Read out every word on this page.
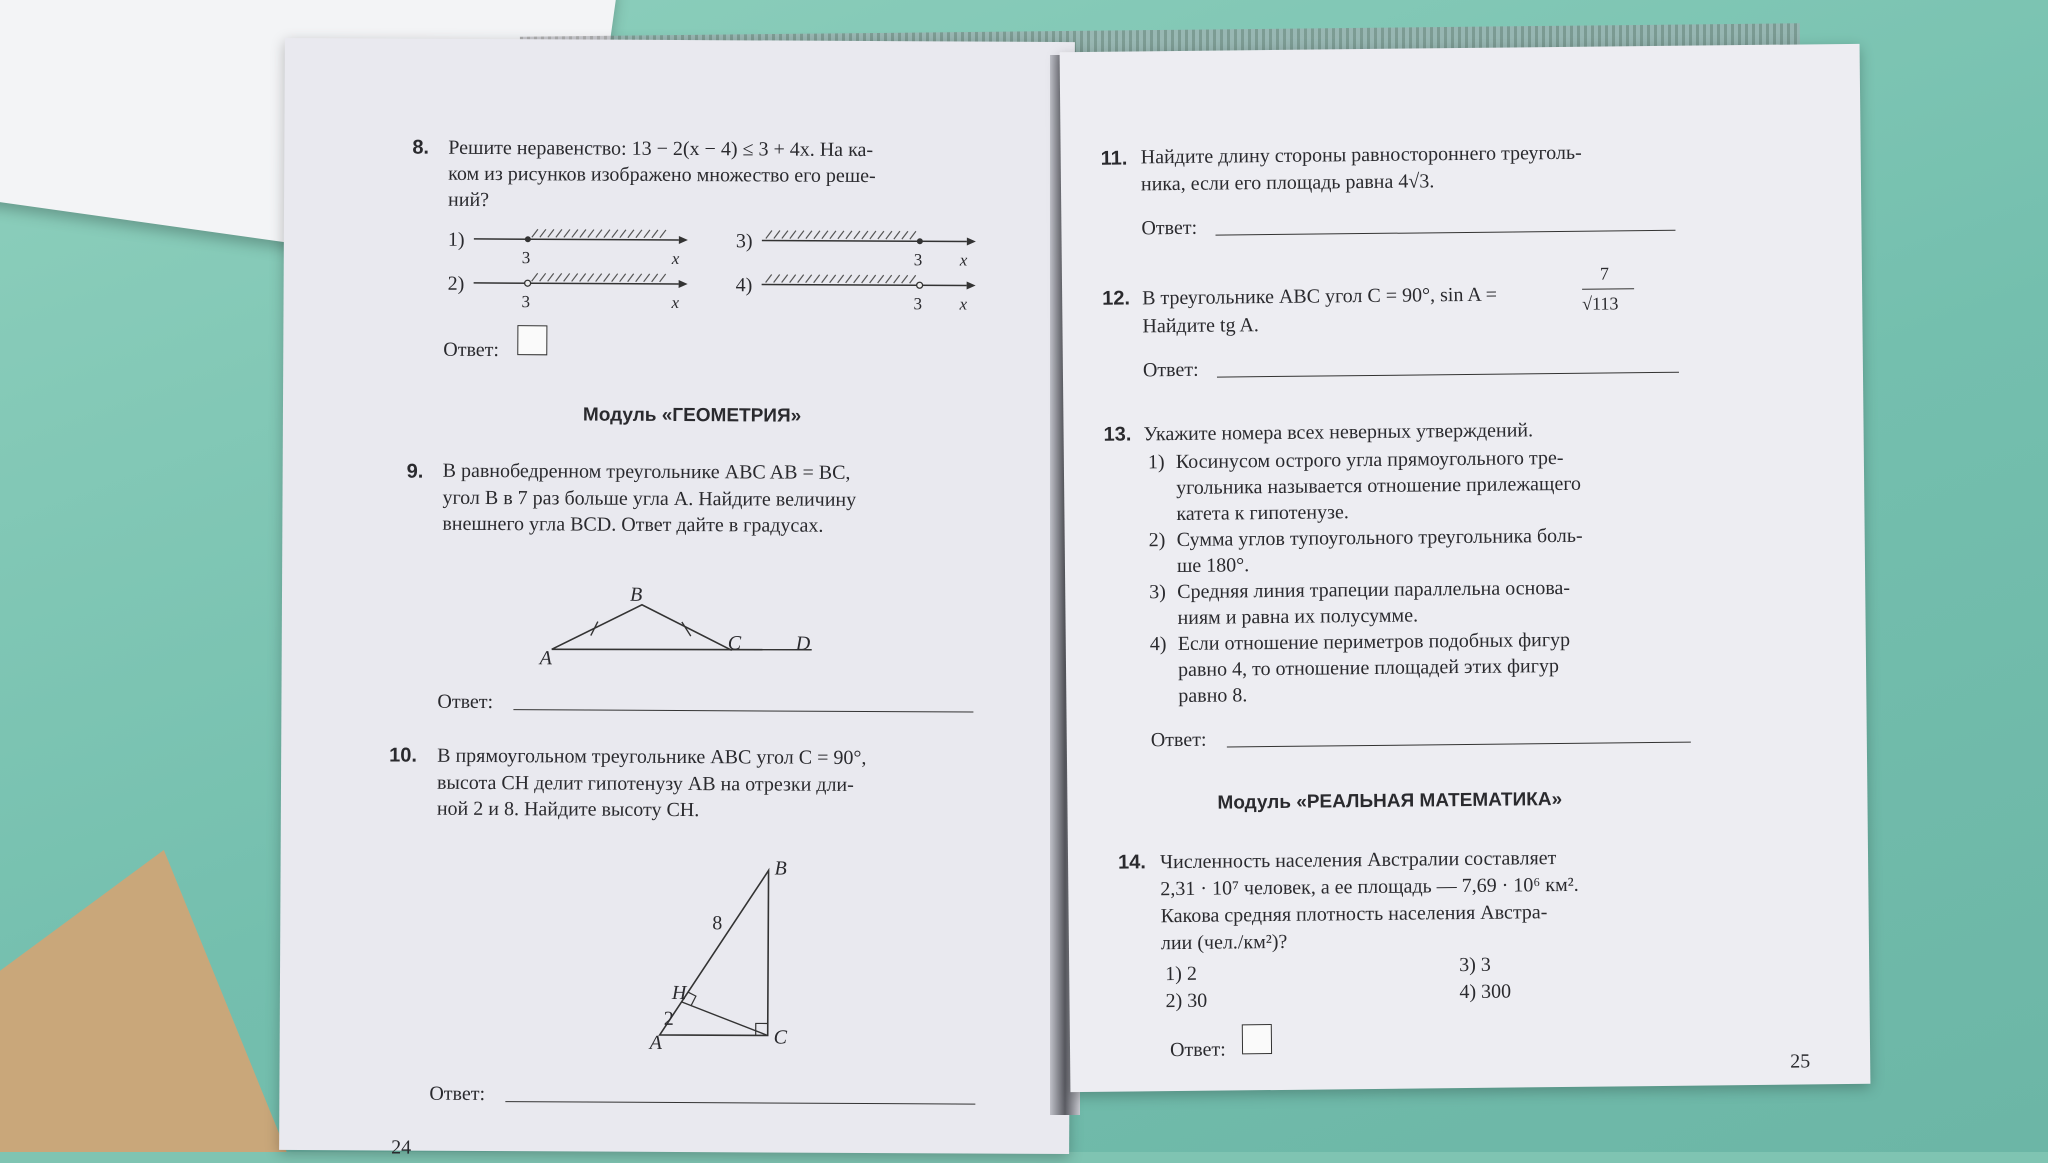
8. Решите неравенство: 13 − 2(x − 4) ≤ 3 + 4x. На ка-
ком из рисунков изображено множество его реше-
ний?
1)
3	x
2)
3	x
3)
3 x
4)
3 x
Ответ:
Модуль «ГЕОМЕТРИЯ»
9. В равнобедренном треугольнике ABC AB = BC,
угол B в 7 раз больше угла A. Найдите величину
внешнего угла BCD. Ответ дайте в градусах.
B
A
C	D
Ответ:
10. В прямоугольном треугольнике ABC угол C = 90°,
высота CH делит гипотенузу AB на отрезки дли-
ной 2 и 8. Найдите высоту CH.
B
8
H
2
A	C
Ответ:
24
11. Найдите длину стороны равностороннего треуголь-
ника, если его площадь равна 4√3.
Ответ:
12. В треугольнике ABC угол C = 90°, sin A =
7
√113
Найдите tg A.
Ответ:
13. Укажите номера всех неверных утверждений.
1) Косинусом острого угла прямоугольного тре-
угольника называется отношение прилежащего
катета к гипотенузе.
2) Сумма углов тупоугольного треугольника боль-
ше 180°.
3) Средняя линия трапеции параллельна основа-
ниям и равна их полусумме.
4) Если отношение периметров подобных фигур
равно 4, то отношение площадей этих фигур
равно 8.
Ответ:
Модуль «РЕАЛЬНАЯ МАТЕМАТИКА»
14. Численность населения Австралии составляет
2,31 · 10⁷ человек, а ее площадь — 7,69 · 10⁶ км².
Какова средняя плотность населения Австра-
лии (чел./км²)?
1) 2
2) 30
3) 3
4) 300
Ответ:
25
